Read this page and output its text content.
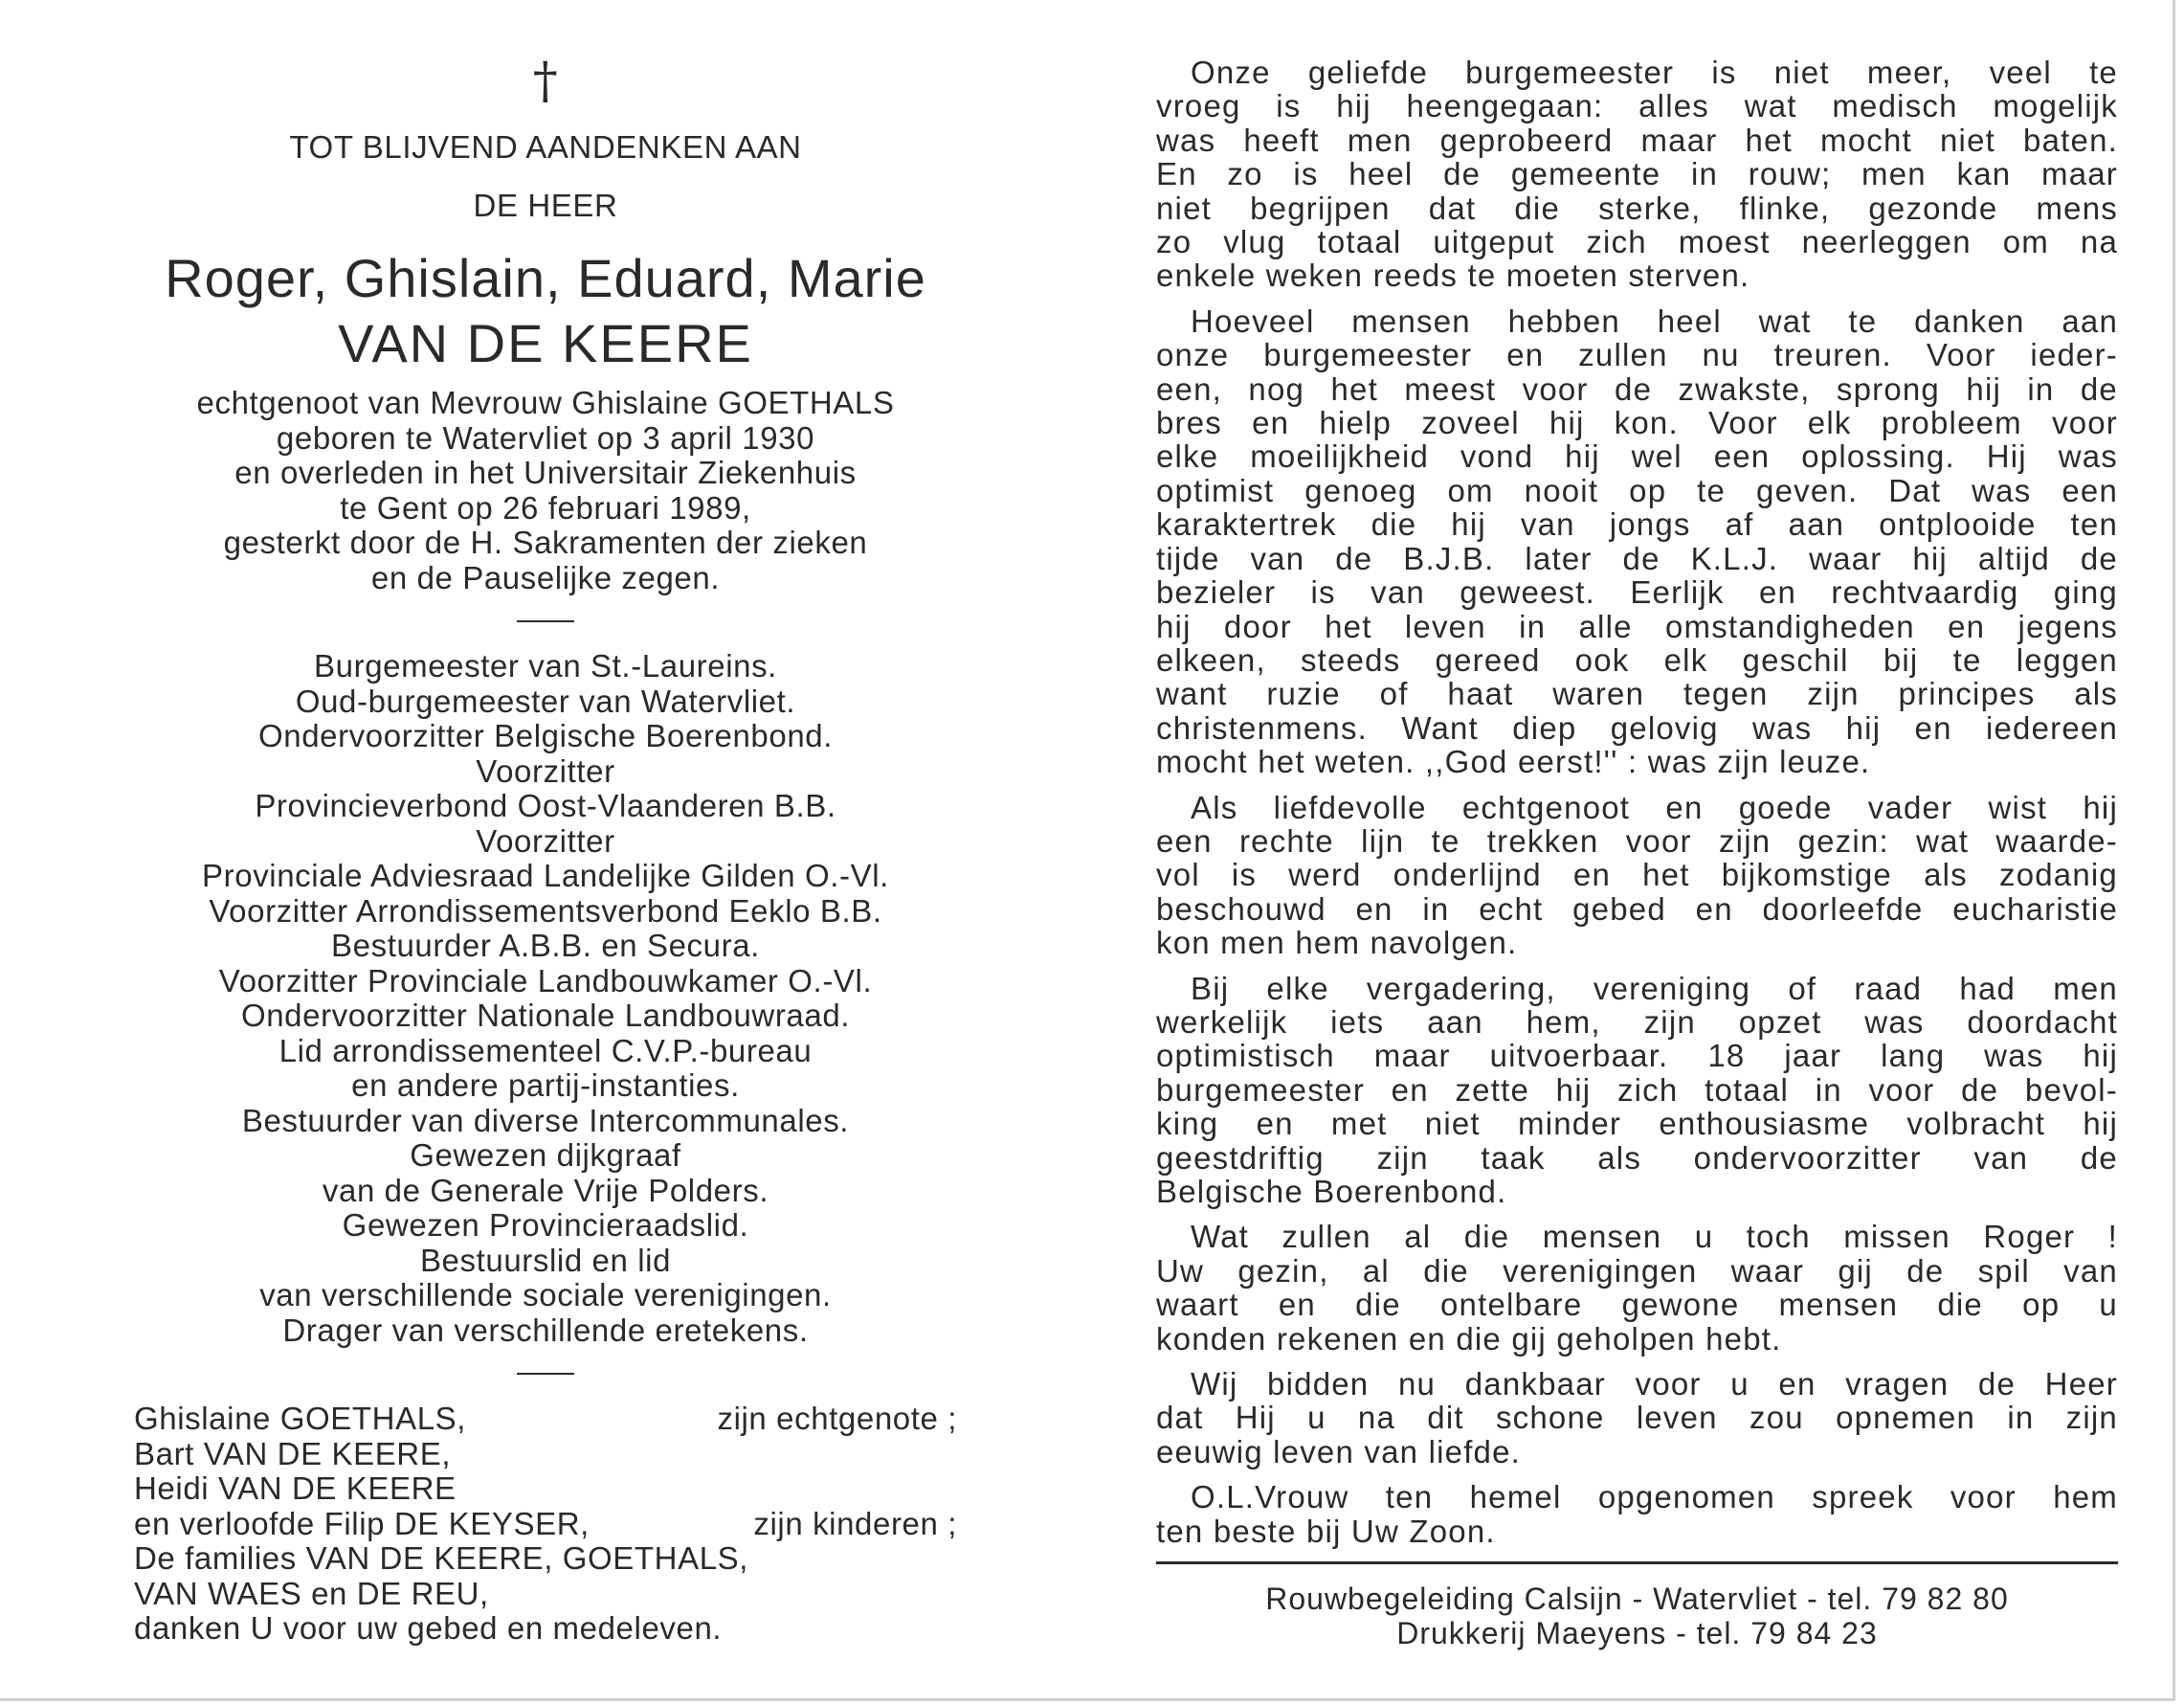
†
TOT BLIJVEND AANDENKEN AAN
DE HEER
Roger, Ghislain, Eduard, Marie
VAN DE KEERE
echtgenoot van Mevrouw Ghislaine GOETHALS
geboren te Watervliet op 3 april 1930
en overleden in het Universitair Ziekenhuis
te Gent op 26 februari 1989,
gesterkt door de H. Sakramenten der zieken
en de Pauselijke zegen.
Burgemeester van St.-Laureins.
Oud-burgemeester van Watervliet.
Ondervoorzitter Belgische Boerenbond.
Voorzitter
Provincieverbond Oost-Vlaanderen B.B.
Voorzitter
Provinciale Adviesraad Landelijke Gilden O.-Vl.
Voorzitter Arrondissementsverbond Eeklo B.B.
Bestuurder A.B.B. en Secura.
Voorzitter Provinciale Landbouwkamer O.-Vl.
Ondervoorzitter Nationale Landbouwraad.
Lid arrondissementeel C.V.P.-bureau
en andere partij-instanties.
Bestuurder van diverse Intercommunales.
Gewezen dijkgraaf
van de Generale Vrije Polders.
Gewezen Provincieraadslid.
Bestuurslid en lid
van verschillende sociale verenigingen.
Drager van verschillende eretekens.
Ghislaine GOETHALS,	zijn echtgenote ;
Bart VAN DE KEERE,
Heidi VAN DE KEERE
en verloofde Filip DE KEYSER,	zijn kinderen ;
De families VAN DE KEERE, GOETHALS,
VAN WAES en DE REU,
danken U voor uw gebed en medeleven.
Onze geliefde burgemeester is niet meer, veel te
vroeg is hij heengegaan: alles wat medisch mogelijk
was heeft men geprobeerd maar het mocht niet baten.
En zo is heel de gemeente in rouw; men kan maar
niet begrijpen dat die sterke, flinke, gezonde mens
zo vlug totaal uitgeput zich moest neerleggen om na
enkele weken reeds te moeten sterven.
Hoeveel mensen hebben heel wat te danken aan
onze burgemeester en zullen nu treuren. Voor ieder-
een, nog het meest voor de zwakste, sprong hij in de
bres en hielp zoveel hij kon. Voor elk probleem voor
elke moeilijkheid vond hij wel een oplossing. Hij was
optimist genoeg om nooit op te geven. Dat was een
karaktertrek die hij van jongs af aan ontplooide ten
tijde van de B.J.B. later de K.L.J. waar hij altijd de
bezieler is van geweest. Eerlijk en rechtvaardig ging
hij door het leven in alle omstandigheden en jegens
elkeen, steeds gereed ook elk geschil bij te leggen
want ruzie of haat waren tegen zijn principes als
christenmens. Want diep gelovig was hij en iedereen
mocht het weten. ,,God eerst!'' : was zijn leuze.
Als liefdevolle echtgenoot en goede vader wist hij
een rechte lijn te trekken voor zijn gezin: wat waarde-
vol is werd onderlijnd en het bijkomstige als zodanig
beschouwd en in echt gebed en doorleefde eucharistie
kon men hem navolgen.
Bij elke vergadering, vereniging of raad had men
werkelijk iets aan hem, zijn opzet was doordacht
optimistisch maar uitvoerbaar. 18 jaar lang was hij
burgemeester en zette hij zich totaal in voor de bevol-
king en met niet minder enthousiasme volbracht hij
geestdriftig zijn taak als ondervoorzitter van de
Belgische Boerenbond.
Wat zullen al die mensen u toch missen Roger !
Uw gezin, al die verenigingen waar gij de spil van
waart en die ontelbare gewone mensen die op u
konden rekenen en die gij geholpen hebt.
Wij bidden nu dankbaar voor u en vragen de Heer
dat Hij u na dit schone leven zou opnemen in zijn
eeuwig leven van liefde.
O.L.Vrouw ten hemel opgenomen spreek voor hem
ten beste bij Uw Zoon.
Rouwbegeleiding Calsijn - Watervliet - tel. 79 82 80
Drukkerij Maeyens - tel. 79 84 23
